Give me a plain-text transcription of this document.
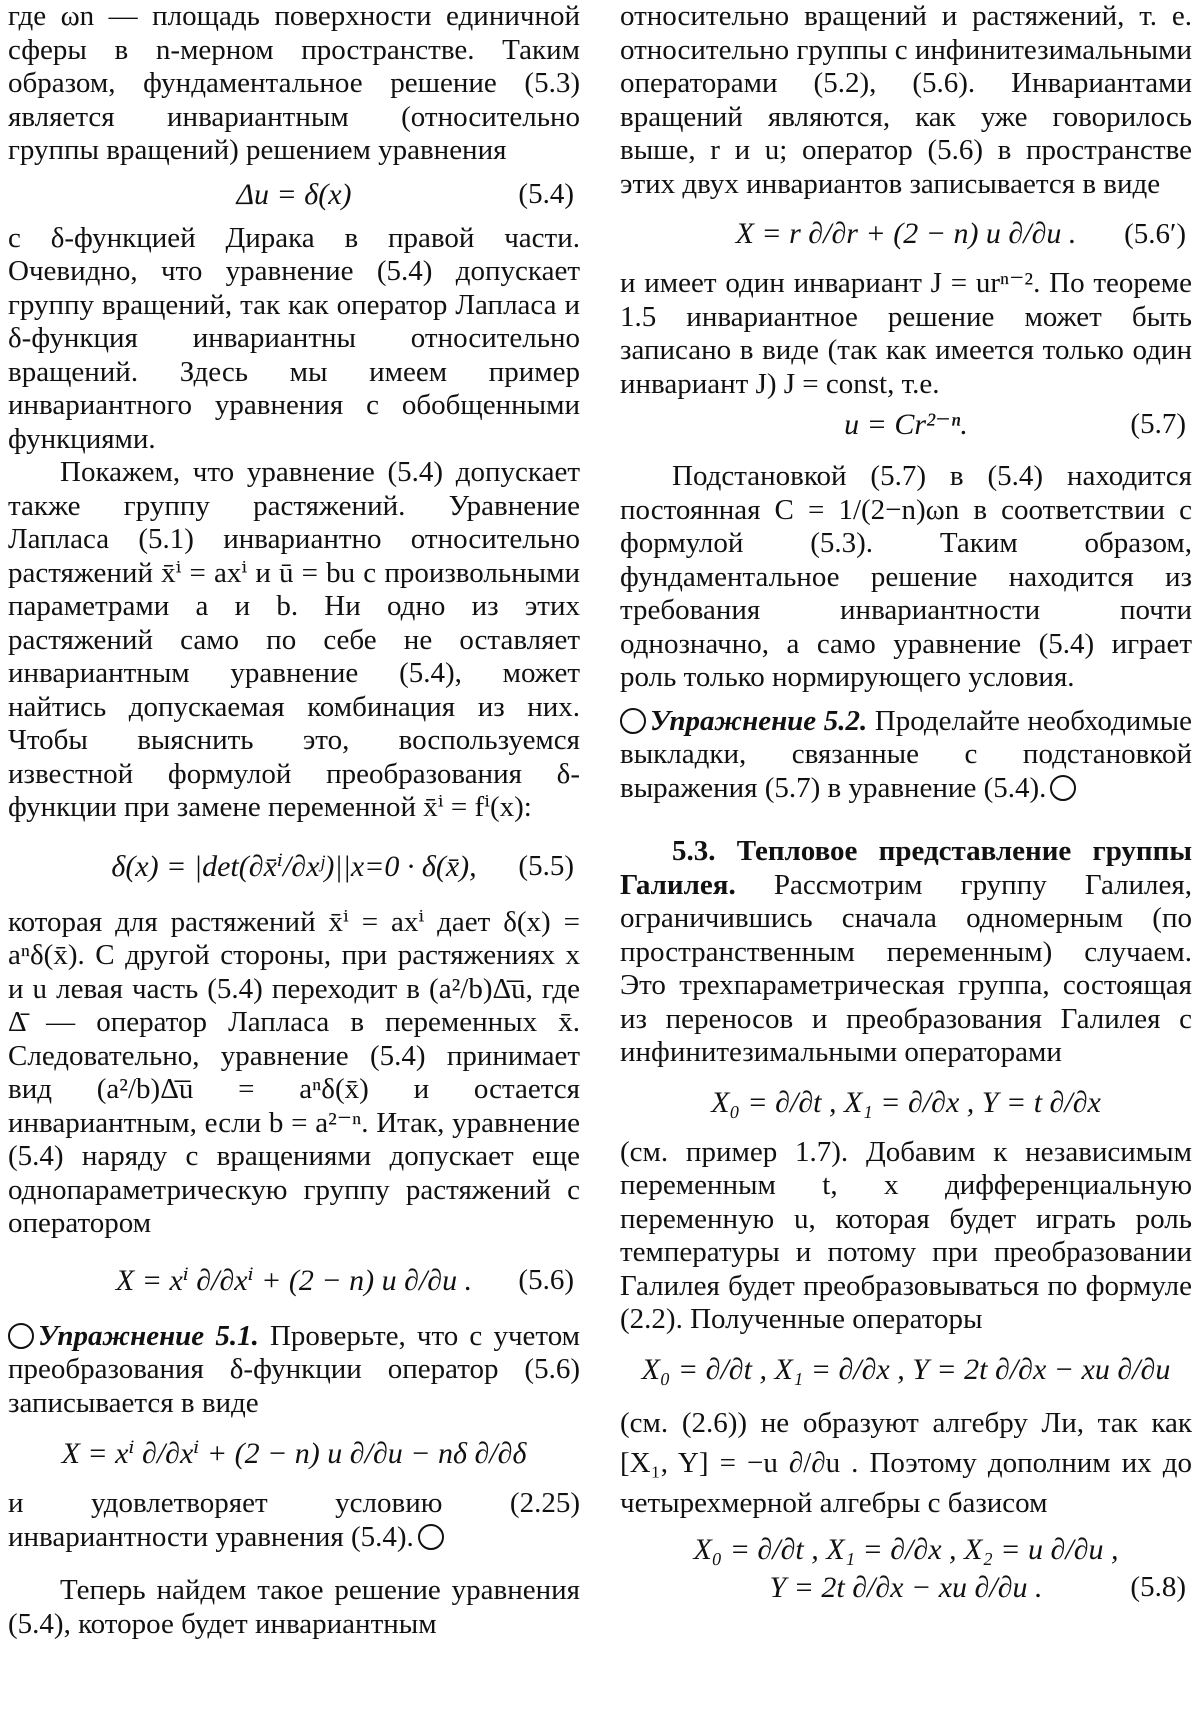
где ωn — площадь поверхности единичной сферы в n-мерном пространстве. Таким образом, фундаментальное решение (5.3) является инвариантным (относительно группы вращений) решением уравнения

Δu = δ(x)	(5.4)

с δ-функцией Дирака в правой части. Очевидно, что уравнение (5.4) допускает группу вращений, так как оператор Лапласа и δ-функция инвариантны относительно вращений. Здесь мы имеем пример инвариантного уравнения с обобщенными функциями.

Покажем, что уравнение (5.4) допускает также группу растяжений. Уравнение Лапласа (5.1) инвариантно относительно растяжений x̄ⁱ = axⁱ и ū = bu с произвольными параметрами a и b. Ни одно из этих растяжений само по себе не оставляет инвариантным уравнение (5.4), может найтись допускаемая комбинация из них. Чтобы выяснить это, воспользуемся известной формулой преобразования δ-функции при замене переменной x̄ⁱ = fⁱ(x):

δ(x) = |det(∂x̄ⁱ/∂xʲ)||x=0 · δ(x̄), (5.5)

которая для растяжений x̄ⁱ = axⁱ дает δ(x) = aⁿδ(x̄). С другой стороны, при растяжениях x и u левая часть (5.4) переходит в (a²/b)Δ̄ū, где Δ̄ — оператор Лапласа в переменных x̄. Следовательно, уравнение (5.4) принимает вид (a²/b)Δ̄ū = aⁿδ(x̄) и остается инвариантным, если b = a²⁻ⁿ. Итак, уравнение (5.4) наряду с вращениями допускает еще однопараметрическую группу растяжений с оператором

X = xⁱ ∂/∂xⁱ + (2 − n) u ∂/∂u . (5.6)

Упражнение 5.1. Проверьте, что с учетом преобразования δ-функции оператор (5.6) записывается в виде

X = xⁱ ∂/∂xⁱ + (2 − n) u ∂/∂u − nδ ∂/∂δ

и удовлетворяет условию (2.25) инвариантности уравнения (5.4).

Теперь найдем такое решение уравнения (5.4), которое будет инвариантным

относительно вращений и растяжений, т. е. относительно группы с инфинитезимальными операторами (5.2), (5.6). Инвариантами вращений являются, как уже говорилось выше, r и u; оператор (5.6) в пространстве этих двух инвариантов записывается в виде

X = r ∂/∂r + (2 − n) u ∂/∂u . (5.6′)

и имеет один инвариант J = urⁿ⁻². По теореме 1.5 инвариантное решение может быть записано в виде (так как имеется только один инвариант J) J = const, т.е.

u = Cr²⁻ⁿ.	(5.7)

Подстановкой (5.7) в (5.4) находится постоянная C = 1/(2−n)ωn в соответствии с формулой (5.3). Таким образом, фундаментальное решение находится из требования инвариантности почти однозначно, а само уравнение (5.4) играет роль только нормирующего условия.

Упражнение 5.2. Проделайте необходимые выкладки, связанные с подстановкой выражения (5.7) в уравнение (5.4).

5.3. Тепловое представление группы Галилея. Рассмотрим группу Галилея, ограничившись сначала одномерным (по пространственным переменным) случаем. Это трехпараметрическая группа, состоящая из переносов и преобразования Галилея с инфинитезимальными операторами

X₀ = ∂/∂t , X₁ = ∂/∂x , Y = t ∂/∂x

(см. пример 1.7). Добавим к независимым переменным t, x дифференциальную переменную u, которая будет играть роль температуры и потому при преобразовании Галилея будет преобразовываться по формуле (2.2). Полученные операторы

X₀ = ∂/∂t , X₁ = ∂/∂x , Y = 2t ∂/∂x − xu ∂/∂u

(см. (2.6)) не образуют алгебру Ли, так как [X₁, Y] = −u ∂/∂u . Поэтому дополним их до четырехмерной алгебры с базисом

X₀ = ∂/∂t , X₁ = ∂/∂x , X₂ = u ∂/∂u ,
Y = 2t ∂/∂x − xu ∂/∂u .	(5.8)
